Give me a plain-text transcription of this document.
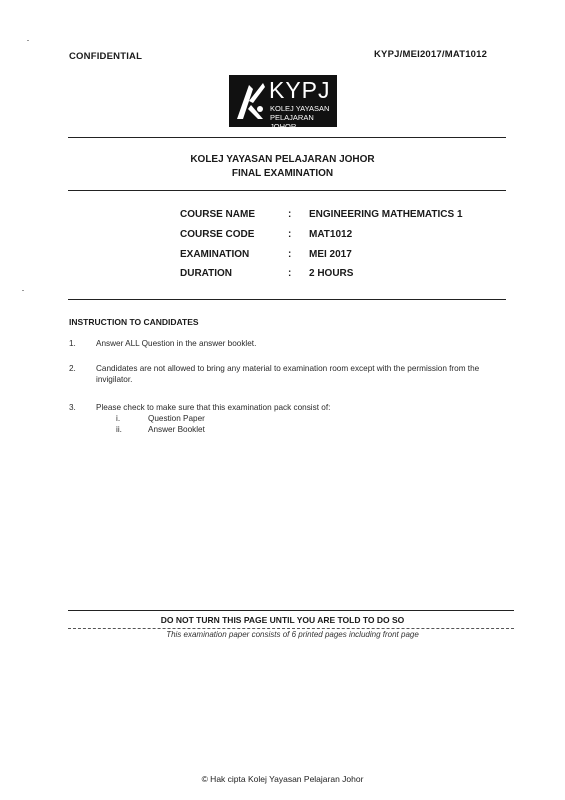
CONFIDENTIAL	KYPJ/MEI2017/MAT1012
KYPJ
KOLEJ YAYASAN
PELAJARAN JOHOR
KOLEJ YAYASAN PELAJARAN JOHOR
FINAL EXAMINATION
COURSE NAME	: ENGINEERING MATHEMATICS 1
COURSE CODE	: MAT1012
EXAMINATION	: MEI 2017
DURATION	: 2 HOURS
INSTRUCTION TO CANDIDATES
1. Answer ALL Question in the answer booklet.
2. Candidates are not allowed to bring any material to examination room except with the permission from the
invigilator.
3. Please check to make sure that this examination pack consist of:
i.	Question Paper
ii.	Answer Booklet
DO NOT TURN THIS PAGE UNTIL YOU ARE TOLD TO DO SO
This examination paper consists of 6 printed pages including front page
© Hak cipta Kolej Yayasan Pelajaran Johor
